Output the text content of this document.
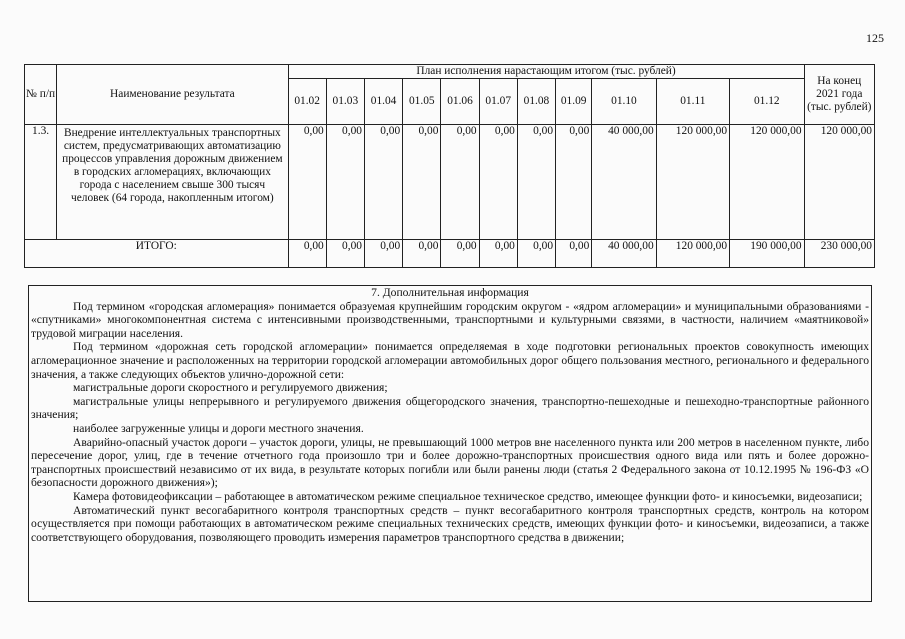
125
№ п/п	Наименование результата	План исполнения нарастающим итогом (тыс. рублей)											На конец 2021 года (тыс. рублей)
		01.02	01.03	01.04	01.05	01.06	01.07	01.08	01.09	01.10	01.11	01.12	
1.3.	Внедрение интеллектуальных транспортных систем, предусматривающих автоматизацию процессов управления дорожным движением в городских агломерациях, включающих города с населением свыше 300 тысяч человек (64 города, накопленным итогом)	0,00	0,00	0,00	0,00	0,00	0,00	0,00	0,00	40 000,00	120 000,00	120 000,00	120 000,00
ИТОГО:		0,00	0,00	0,00	0,00	0,00	0,00	0,00	0,00	40 000,00	120 000,00	190 000,00	230 000,00
7. Дополнительная информация

Под термином «городская агломерация» понимается образуемая крупнейшим городским округом - «ядром агломерации» и муниципальными образованиями - «спутниками» многокомпонентная система с интенсивными производственными, транспортными и культурными связями, в частности, наличием «маятниковой» трудовой миграции населения.

Под термином «дорожная сеть городской агломерации» понимается определяемая в ходе подготовки региональных проектов совокупность имеющих агломерационное значение и расположенных на территории городской агломерации автомобильных дорог общего пользования местного, регионального и федерального значения, а также следующих объектов улично-дорожной сети:

магистральные дороги скоростного и регулируемого движения;

магистральные улицы непрерывного и регулируемого движения общегородского значения, транспортно-пешеходные и пешеходно-транспортные районного значения;

наиболее загруженные улицы и дороги местного значения.

Аварийно-опасный участок дороги – участок дороги, улицы, не превышающий 1000 метров вне населенного пункта или 200 метров в населенном пункте, либо пересечение дорог, улиц, где в течение отчетного года произошло три и более дорожно-транспортных происшествия одного вида или пять и более дорожно-транспортных происшествий независимо от их вида, в результате которых погибли или были ранены люди (статья 2 Федерального закона от 10.12.1995 № 196-ФЗ «О безопасности дорожного движения»);

Камера фотовидеофиксации – работающее в автоматическом режиме специальное техническое средство, имеющее функции фото- и киносъемки, видеозаписи;

Автоматический пункт весогабаритного контроля транспортных средств – пункт весогабаритного контроля транспортных средств, контроль на котором осуществляется при помощи работающих в автоматическом режиме специальных технических средств, имеющих функции фото- и киносъемки, видеозаписи, а также соответствующего оборудования, позволяющего проводить измерения параметров транспортного средства в движении;
